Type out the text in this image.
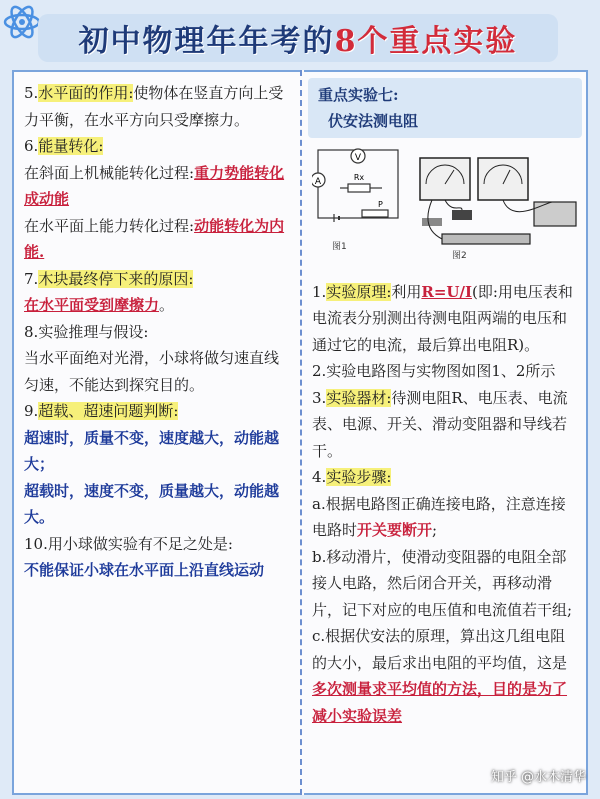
初中物理年年考的8个重点实验
5.水平面的作用:使物体在竖直方向上受力平衡，在水平方向只受摩擦力。
6.能量转化:
在斜面上机械能转化过程:重力势能转化成动能
在水平面上能力转化过程:动能转化为内能.
7.木块最终停下来的原因:
在水平面受到摩擦力。
8.实验推理与假设:
当水平面绝对光滑，小球将做匀速直线匀速，不能达到探究目的。
9.超载、超速问题判断:
超速时，质量不变，速度越大，动能越大；
超载时，速度不变，质量越大，动能越大。
10.用小球做实验有不足之处是:
不能保证小球在水平面上沿直线运动
重点实验七:
伏安法测电阻
V
A	Rx
P
图1
图2
1.实验原理:利用R=U/I(即:用电压表和电流表分别测出待测电阻两端的电压和通过它的电流，最后算出电阻R)。
2.实验电路图与实物图如图1、2所示
3.实验器材:待测电阻R、电压表、电流表、电源、开关、滑动变阻器和导线若干。
4.实验步骤:
a.根据电路图正确连接电路，注意连接电路时开关要断开;
b.移动滑片，使滑动变阻器的电阻全部接人电路，然后闭合开关，再移动滑片，记下对应的电压值和电流值若干组;
c.根据伏安法的原理，算出这几组电阻的大小，最后求出电阻的平均值，这是多次测量求平均值的方法，目的是为了减小实验误差
知乎 @水木清华
